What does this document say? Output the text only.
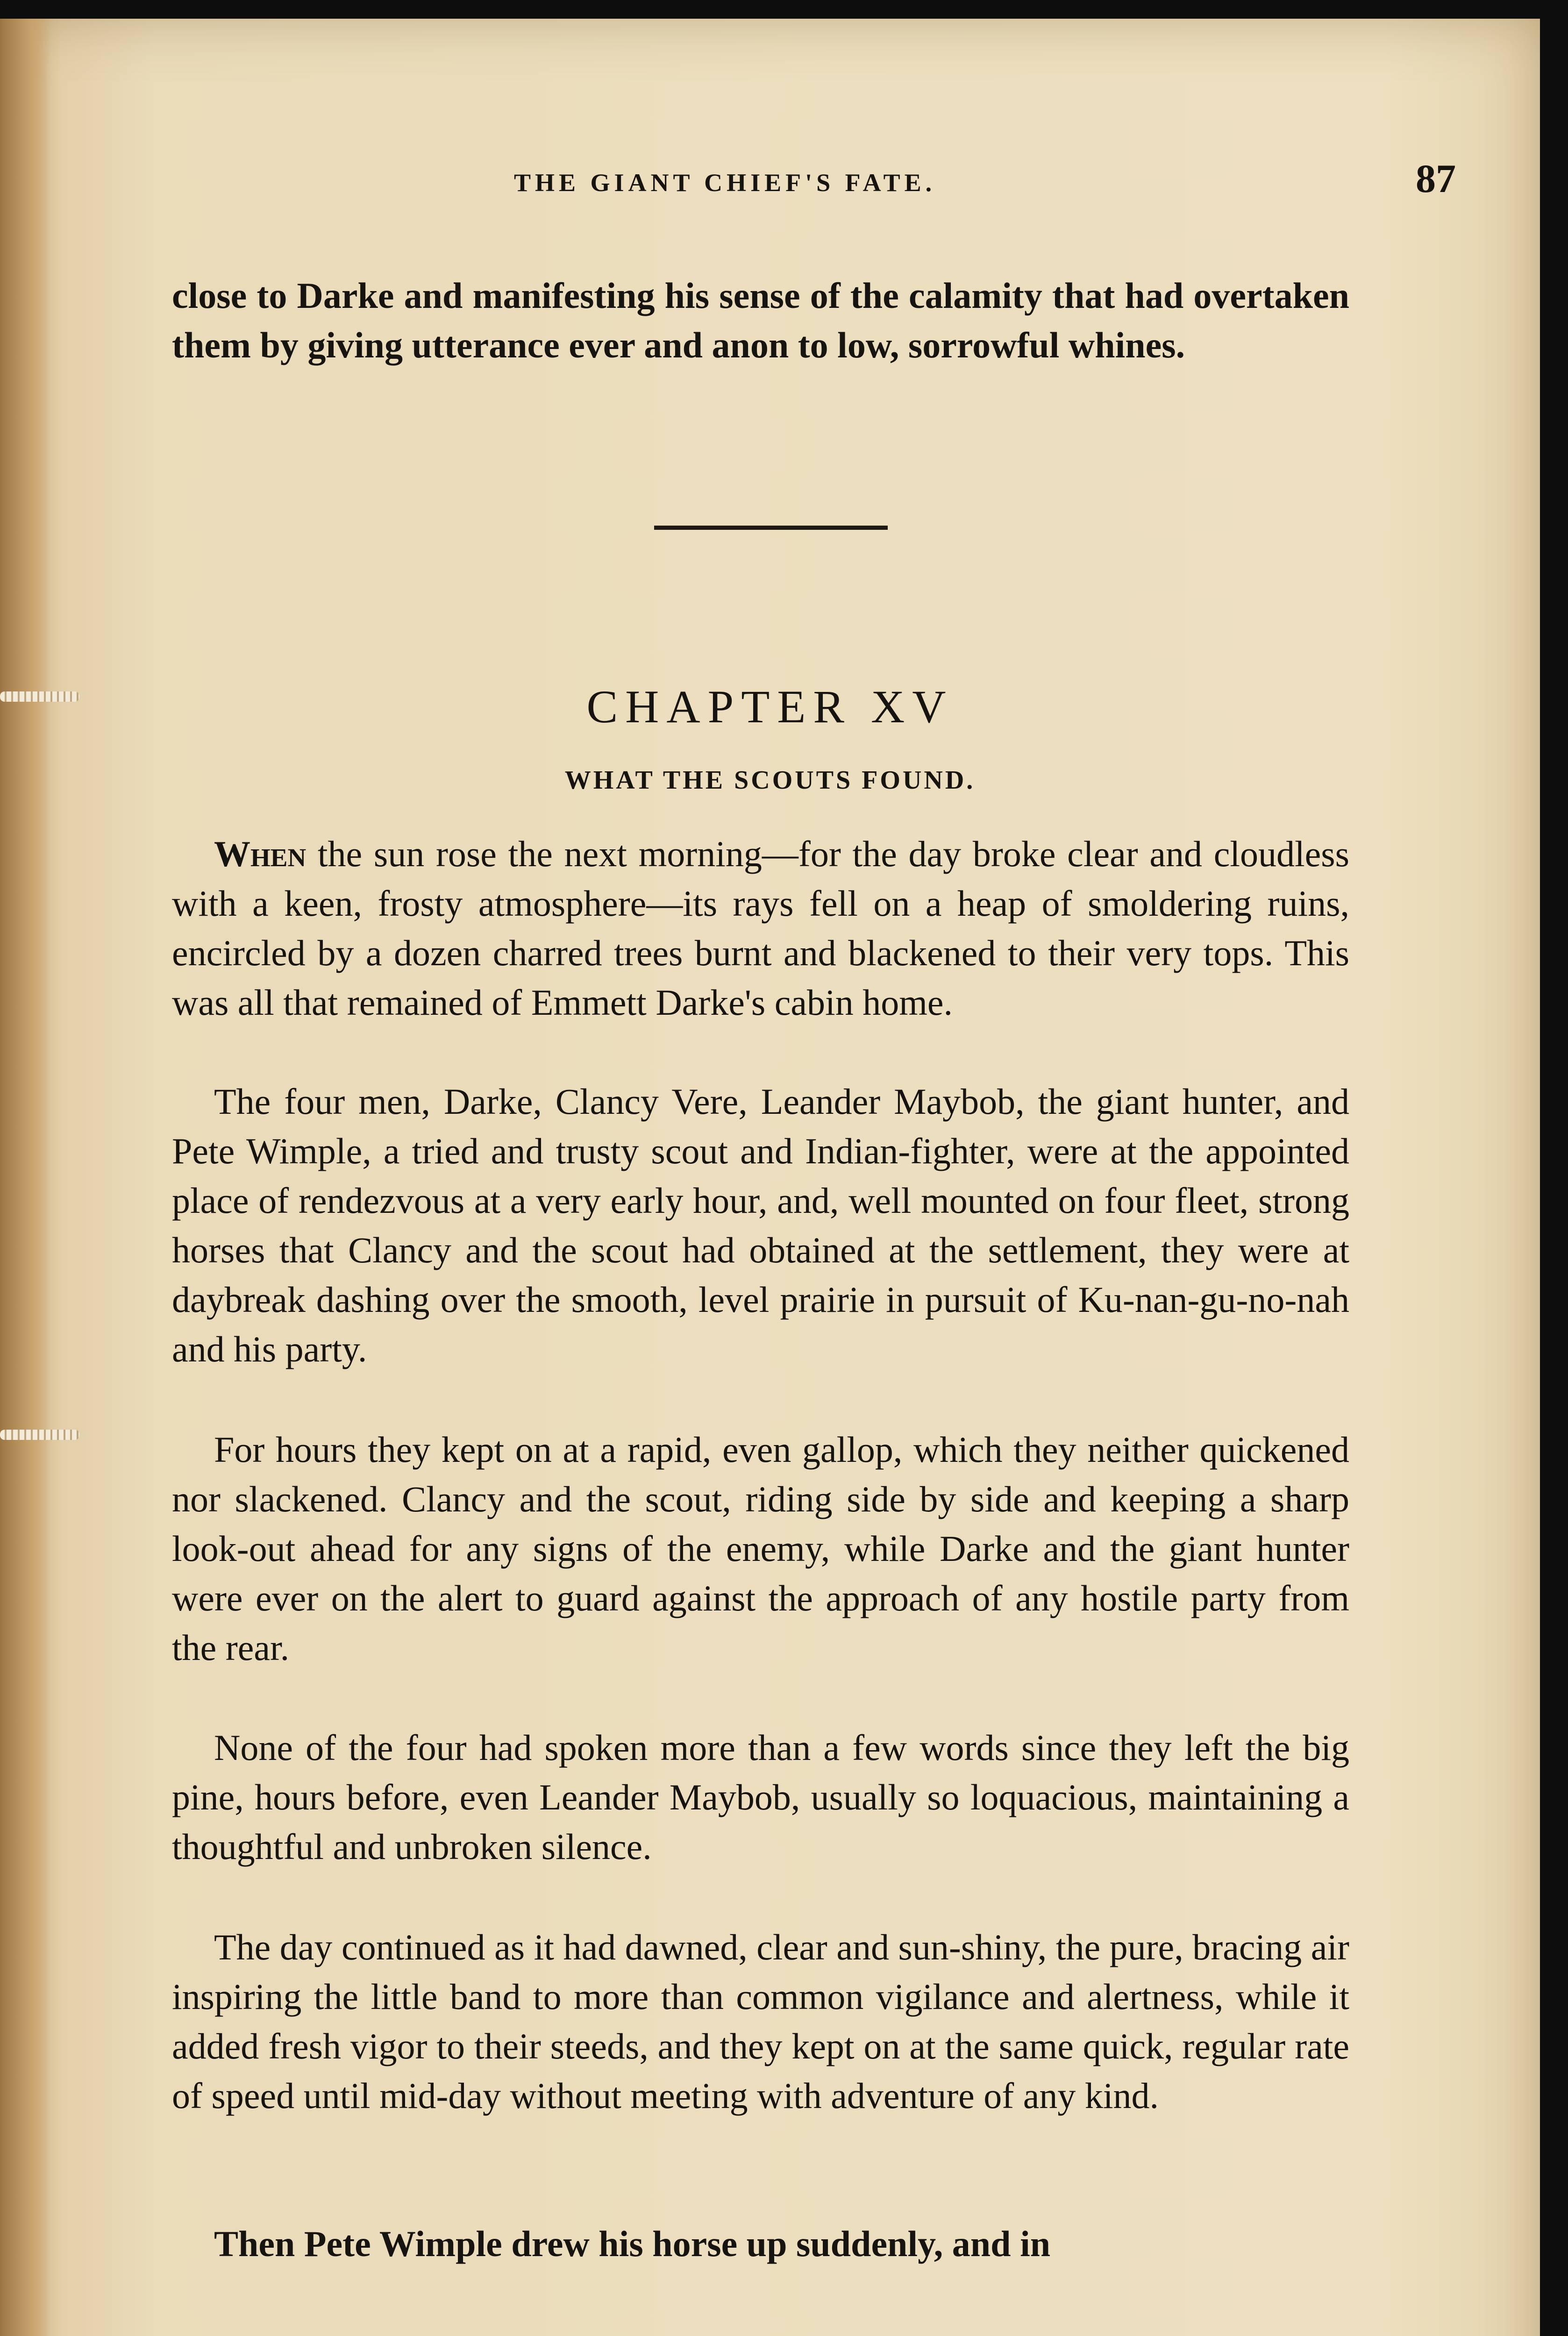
THE GIANT CHIEF'S FATE.	87

close to Darke and manifesting his sense of the calamity that had overtaken them by giving utterance ever and anon to low, sorrowful whines.

CHAPTER XV
WHAT THE SCOUTS FOUND.

When the sun rose the next morning—for the day broke clear and cloudless with a keen, frosty atmosphere—its rays fell on a heap of smoldering ruins, encircled by a dozen charred trees burnt and blackened to their very tops. This was all that remained of Emmett Darke's cabin home.

The four men, Darke, Clancy Vere, Leander Maybob, the giant hunter, and Pete Wimple, a tried and trusty scout and Indian-fighter, were at the appointed place of rendezvous at a very early hour, and, well mounted on four fleet, strong horses that Clancy and the scout had obtained at the settlement, they were at daybreak dashing over the smooth, level prairie in pursuit of Ku-nan-gu-no-nah and his party.

For hours they kept on at a rapid, even gallop, which they neither quickened nor slackened. Clancy and the scout, riding side by side and keeping a sharp look-out ahead for any signs of the enemy, while Darke and the giant hunter were ever on the alert to guard against the approach of any hostile party from the rear.

None of the four had spoken more than a few words since they left the big pine, hours before, even Leander Maybob, usually so loquacious, maintaining a thoughtful and unbroken silence.

The day continued as it had dawned, clear and sun-shiny, the pure, bracing air inspiring the little band to more than common vigilance and alertness, while it added fresh vigor to their steeds, and they kept on at the same quick, regular rate of speed until mid-day without meeting with adventure of any kind.

Then Pete Wimple drew his horse up suddenly, and in
